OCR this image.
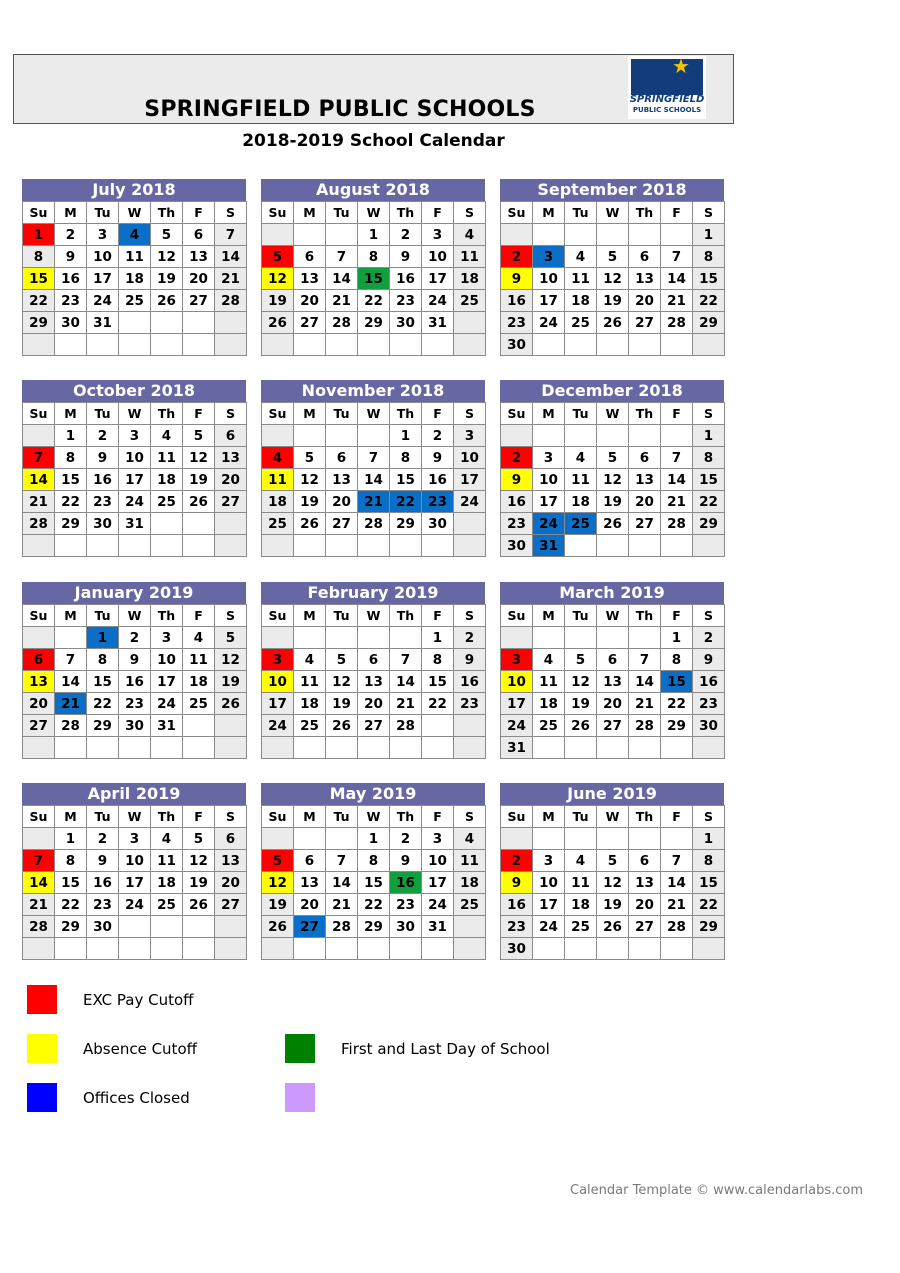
SPRINGFIELD PUBLIC SCHOOLS
★
SPRINGFIELD
PUBLIC SCHOOLS
2018-2019 School Calendar
July 2018
Su	M	Tu	W	Th	F	S
1	2	3	4	5	6	7
8	9	10	11	12	13	14
15	16	17	18	19	20	21
22	23	24	25	26	27	28
29	30	31				

August 2018
Su	M	Tu	W	Th	F	S
			1	2	3	4
5	6	7	8	9	10	11
12	13	14	15	16	17	18
19	20	21	22	23	24	25
26	27	28	29	30	31	

September 2018
Su	M	Tu	W	Th	F	S
						1
2	3	4	5	6	7	8
9	10	11	12	13	14	15
16	17	18	19	20	21	22
23	24	25	26	27	28	29
30						
October 2018
Su	M	Tu	W	Th	F	S
	1	2	3	4	5	6
7	8	9	10	11	12	13
14	15	16	17	18	19	20
21	22	23	24	25	26	27
28	29	30	31			

November 2018
Su	M	Tu	W	Th	F	S
				1	2	3
4	5	6	7	8	9	10
11	12	13	14	15	16	17
18	19	20	21	22	23	24
25	26	27	28	29	30	

December 2018
Su	M	Tu	W	Th	F	S
						1
2	3	4	5	6	7	8
9	10	11	12	13	14	15
16	17	18	19	20	21	22
23	24	25	26	27	28	29
30	31					
January 2019
Su	M	Tu	W	Th	F	S
		1	2	3	4	5
6	7	8	9	10	11	12
13	14	15	16	17	18	19
20	21	22	23	24	25	26
27	28	29	30	31		

February 2019
Su	M	Tu	W	Th	F	S
					1	2
3	4	5	6	7	8	9
10	11	12	13	14	15	16
17	18	19	20	21	22	23
24	25	26	27	28		

March 2019
Su	M	Tu	W	Th	F	S
					1	2
3	4	5	6	7	8	9
10	11	12	13	14	15	16
17	18	19	20	21	22	23
24	25	26	27	28	29	30
31						
April 2019
Su	M	Tu	W	Th	F	S
	1	2	3	4	5	6
7	8	9	10	11	12	13
14	15	16	17	18	19	20
21	22	23	24	25	26	27
28	29	30				

May 2019
Su	M	Tu	W	Th	F	S
			1	2	3	4
5	6	7	8	9	10	11
12	13	14	15	16	17	18
19	20	21	22	23	24	25
26	27	28	29	30	31	

June 2019
Su	M	Tu	W	Th	F	S
						1
2	3	4	5	6	7	8
9	10	11	12	13	14	15
16	17	18	19	20	21	22
23	24	25	26	27	28	29
30						
EXC Pay Cutoff
Absence Cutoff
Offices Closed
First and Last Day of School
Calendar Template © www.calendarlabs.com
